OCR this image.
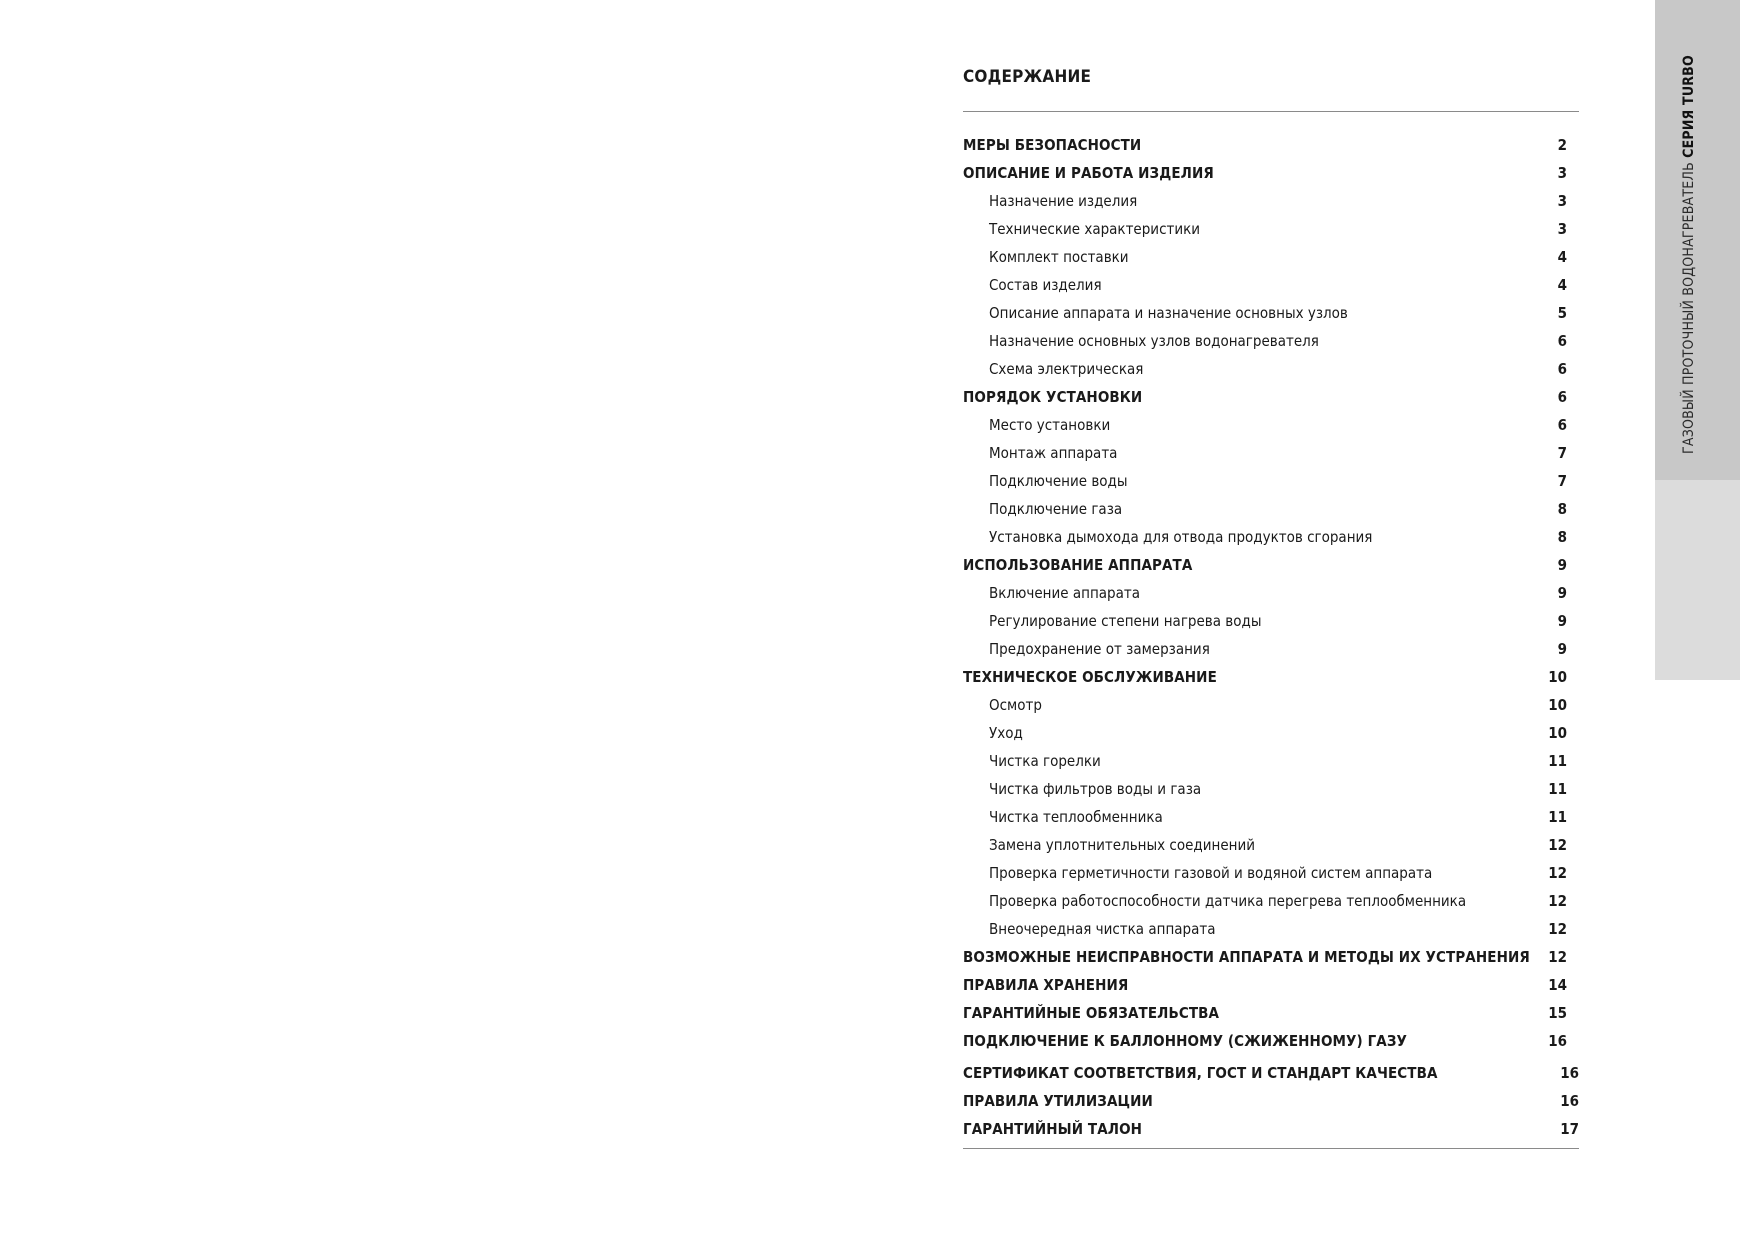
СОДЕРЖАНИЕ
МЕРЫ БЕЗОПАСНОСТИ	2
ОПИСАНИЕ И РАБОТА ИЗДЕЛИЯ	3
Назначение изделия	3
Технические характеристики	3
Комплект поставки	4
Состав изделия	4
Описание аппарата и назначение основных узлов	5
Назначение основных узлов водонагревателя	6
Схема электрическая	6
ПОРЯДОК УСТАНОВКИ	6
Место установки	6
Монтаж аппарата	7
Подключение воды	7
Подключение газа	8
Установка дымохода для отвода продуктов сгорания	8
ИСПОЛЬЗОВАНИЕ АППАРАТА	9
Включение аппарата	9
Регулирование степени нагрева воды	9
Предохранение от замерзания	9
ТЕХНИЧЕСКОЕ ОБСЛУЖИВАНИЕ	10
Осмотр	10
Уход	10
Чистка горелки	11
Чистка фильтров воды и газа	11
Чистка теплообменника	11
Замена уплотнительных соединений	12
Проверка герметичности газовой и водяной систем аппарата	12
Проверка работоспособности датчика перегрева теплообменника	12
Внеочередная чистка аппарата	12
ВОЗМОЖНЫЕ НЕИСПРАВНОСТИ АППАРАТА И МЕТОДЫ ИХ УСТРАНЕНИЯ 12
ПРАВИЛА ХРАНЕНИЯ	14
ГАРАНТИЙНЫЕ ОБЯЗАТЕЛЬСТВА	15
ПОДКЛЮЧЕНИЕ К БАЛЛОННОМУ (СЖИЖЕННОМУ) ГАЗУ	16
СЕРТИФИКАТ СООТВЕТСТВИЯ, ГОСТ И СТАНДАРТ КАЧЕСТВА	16
ПРАВИЛА УТИЛИЗАЦИИ	16
ГАРАНТИЙНЫЙ ТАЛОН	17
ГАЗОВЫЙ ПРОТОЧНЫЙ ВОДОНАГРЕВАТЕЛЬ СЕРИЯ TURBO
